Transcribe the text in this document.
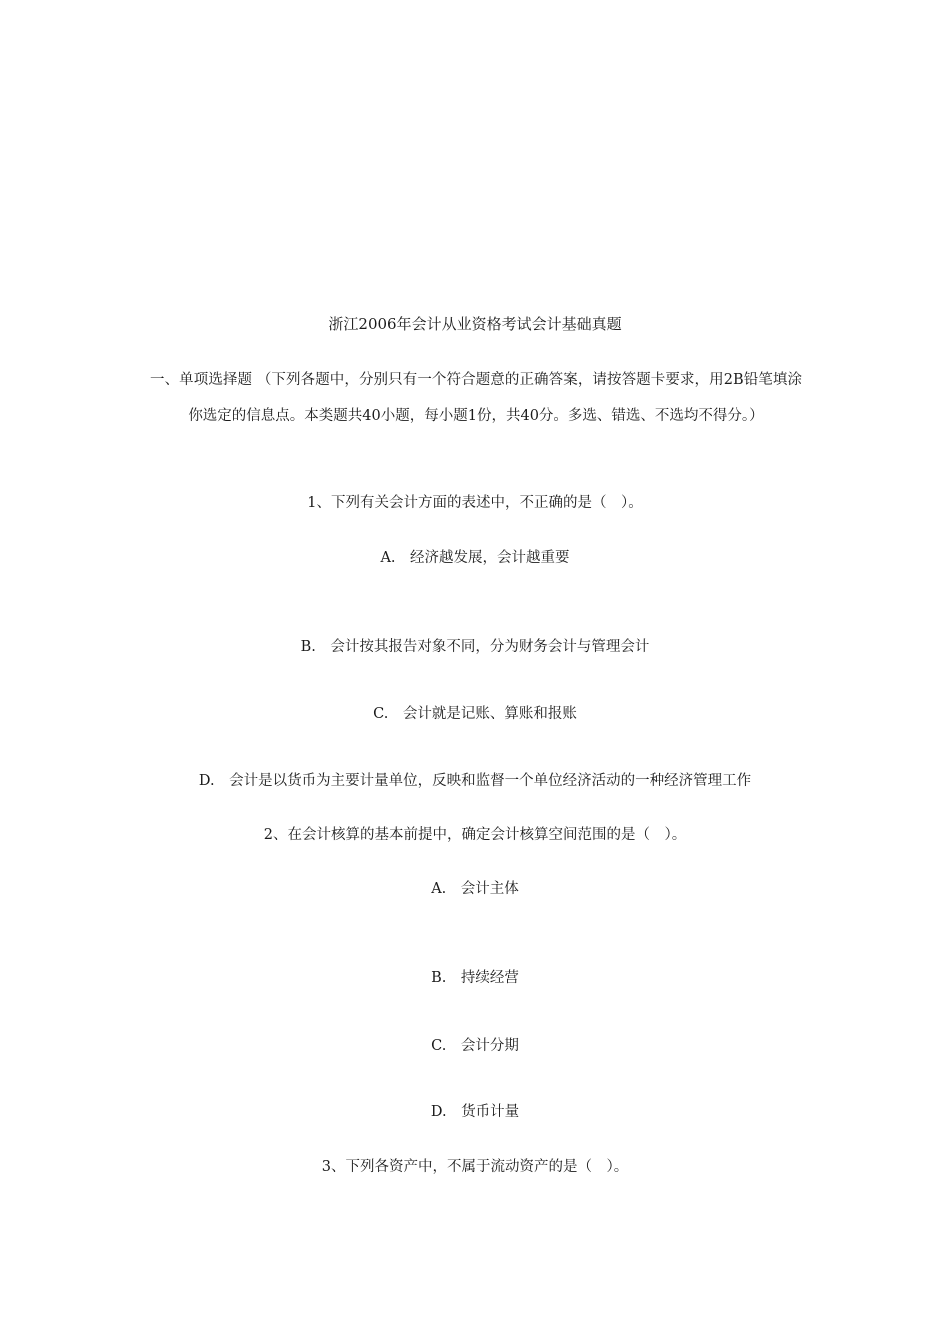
浙江2006年会计从业资格考试会计基础真题
一、单项选择题 （下列各题中，分别只有一个符合题意的正确答案，请按答题卡要求，用2B铅笔填涂你选定的信息点。本类题共40小题，每小题1份，共40分。多选、错选、不选均不得分。）
1、下列有关会计方面的表述中，不正确的是（　）。
A.　经济越发展，会计越重要
B.　会计按其报告对象不同，分为财务会计与管理会计
C.　会计就是记账、算账和报账
D.　会计是以货币为主要计量单位，反映和监督一个单位经济活动的一种经济管理工作
2、在会计核算的基本前提中，确定会计核算空间范围的是（　）。
A.　会计主体
B.　持续经营
C.　会计分期
D.　货币计量
3、下列各资产中，不属于流动资产的是（　）。
